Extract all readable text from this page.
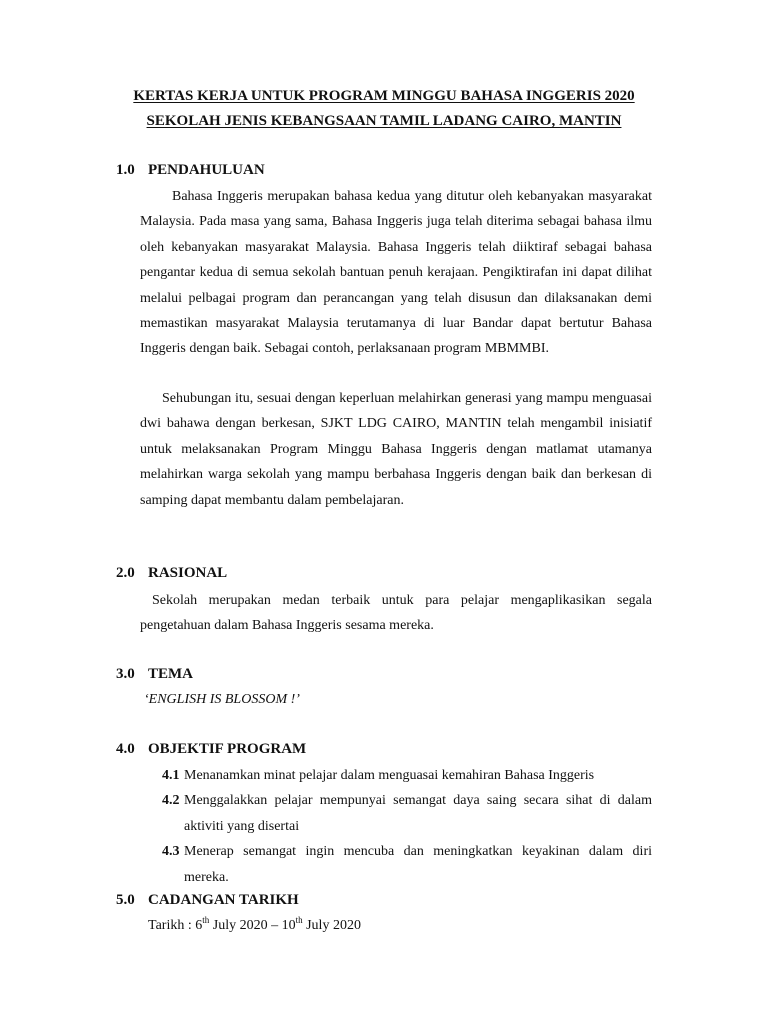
KERTAS KERJA UNTUK PROGRAM MINGGU BAHASA INGGERIS 2020
SEKOLAH JENIS KEBANGSAAN TAMIL LADANG CAIRO, MANTIN
1.0 PENDAHULUAN
Bahasa Inggeris merupakan bahasa kedua yang ditutur oleh kebanyakan masyarakat Malaysia. Pada masa yang sama, Bahasa Inggeris juga telah diterima sebagai bahasa ilmu oleh kebanyakan masyarakat Malaysia. Bahasa Inggeris telah diiktiraf sebagai bahasa pengantar kedua di semua sekolah bantuan penuh kerajaan. Pengiktirafan ini dapat dilihat melalui pelbagai program dan perancangan yang telah disusun dan dilaksanakan demi memastikan masyarakat Malaysia terutamanya di luar Bandar dapat bertutur Bahasa Inggeris dengan baik. Sebagai contoh, perlaksanaan program MBMMBI.
Sehubungan itu, sesuai dengan keperluan melahirkan generasi yang mampu menguasai dwi bahawa dengan berkesan, SJKT LDG CAIRO, MANTIN telah mengambil inisiatif untuk melaksanakan Program Minggu Bahasa Inggeris dengan matlamat utamanya melahirkan warga sekolah yang mampu berbahasa Inggeris dengan baik dan berkesan di samping dapat membantu dalam pembelajaran.
2.0 RASIONAL
Sekolah merupakan medan terbaik untuk para pelajar mengaplikasikan segala pengetahuan dalam Bahasa Inggeris sesama mereka.
3.0 TEMA
‘ENGLISH IS BLOSSOM !’
4.0 OBJEKTIF PROGRAM
4.1 Menanamkan minat pelajar dalam menguasai kemahiran Bahasa Inggeris
4.2 Menggalakkan pelajar mempunyai semangat daya saing secara sihat di dalam aktiviti yang disertai
4.3 Menerap semangat ingin mencuba dan meningkatkan keyakinan dalam diri mereka.
5.0 CADANGAN TARIKH
Tarikh : 6th July 2020 – 10th July 2020
